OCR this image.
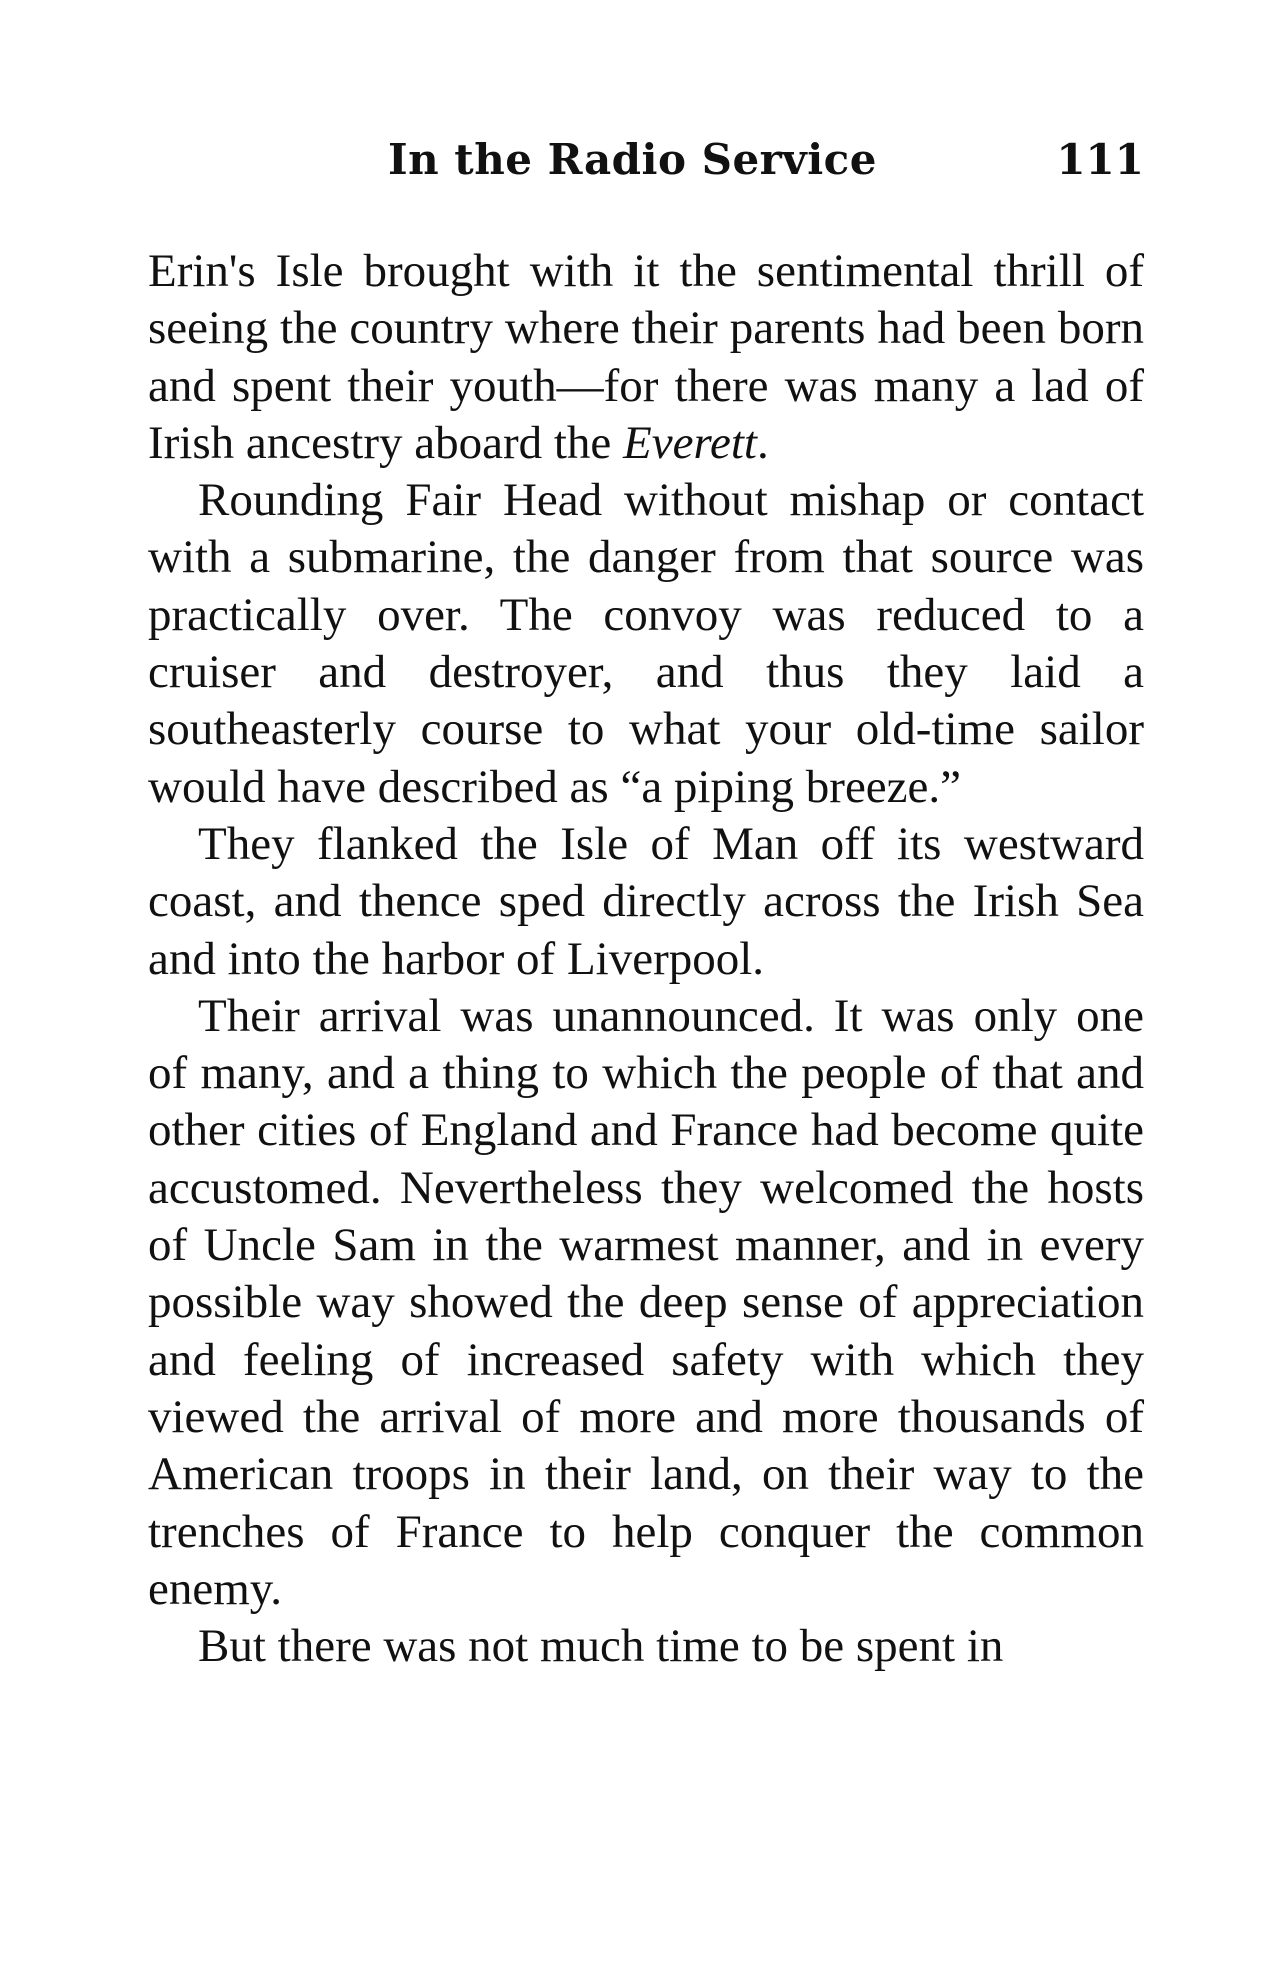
In the Radio Service	111

Erin's Isle brought with it the sentimental thrill of seeing the country where their parents had been born and spent their youth—for there was many a lad of Irish ancestry aboard the Everett.

Rounding Fair Head without mishap or contact with a submarine, the danger from that source was practically over. The convoy was reduced to a cruiser and destroyer, and thus they laid a southeasterly course to what your old-time sailor would have described as “a piping breeze.”

They flanked the Isle of Man off its westward coast, and thence sped directly across the Irish Sea and into the harbor of Liverpool.

Their arrival was unannounced. It was only one of many, and a thing to which the people of that and other cities of England and France had become quite accustomed. Nevertheless they welcomed the hosts of Uncle Sam in the warmest manner, and in every possible way showed the deep sense of appreciation and feeling of increased safety with which they viewed the arrival of more and more thousands of American troops in their land, on their way to the trenches of France to help conquer the common enemy.

But there was not much time to be spent in
